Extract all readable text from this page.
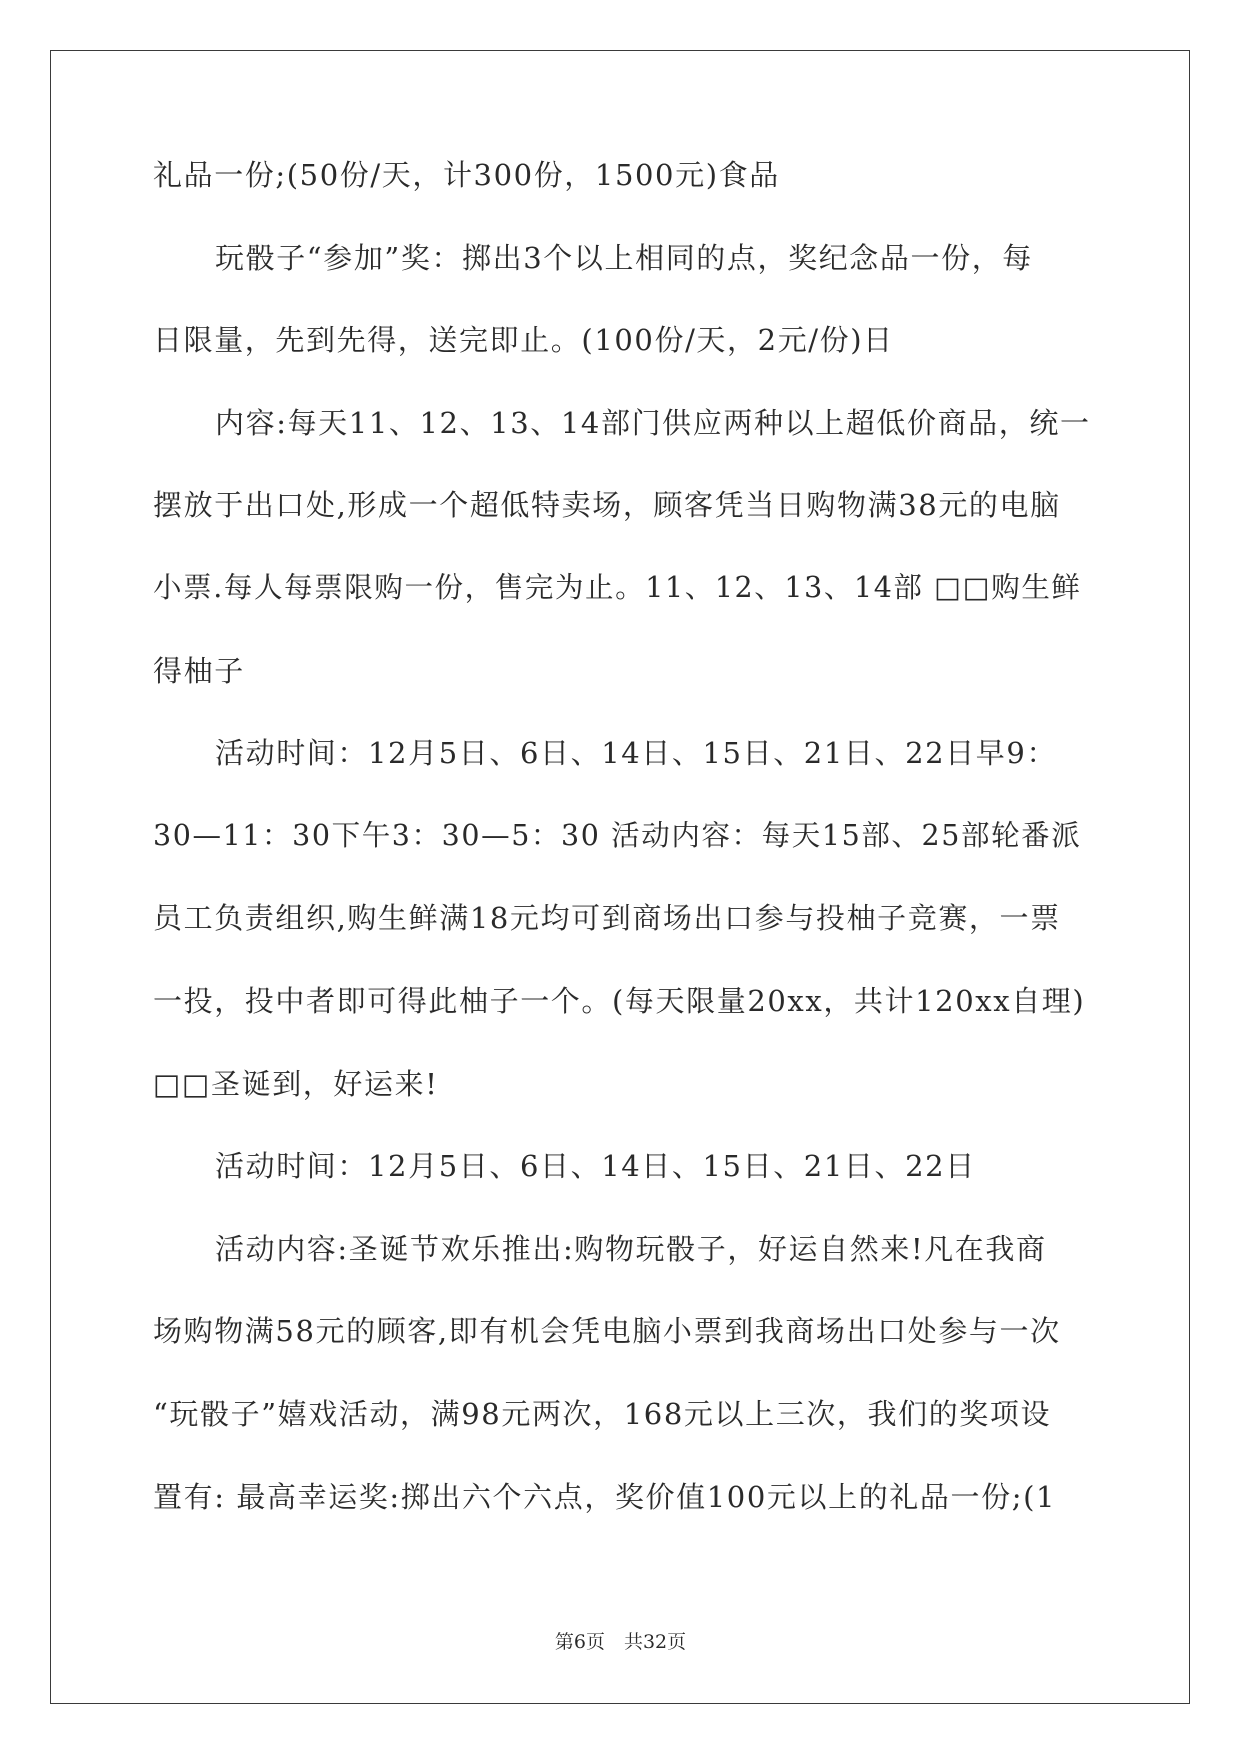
礼品一份;(50份/天，计300份，1500元)食品
玩骰子“参加”奖：掷出3个以上相同的点，奖纪念品一份，每
日限量，先到先得，送完即止。(100份/天，2元/份)日
内容:每天11、12、13、14部门供应两种以上超低价商品，统一
摆放于出口处,形成一个超低特卖场，顾客凭当日购物满38元的电脑
小票.每人每票限购一份，售完为止。11、12、13、14部 □□购生鲜
得柚子
活动时间：12月5日、6日、14日、15日、21日、22日早9：
30—11：30下午3：30—5：30 活动内容：每天15部、25部轮番派
员工负责组织,购生鲜满18元均可到商场出口参与投柚子竞赛，一票
一投，投中者即可得此柚子一个。(每天限量20xx，共计120xx自理)
□□圣诞到，好运来!
活动时间：12月5日、6日、14日、15日、21日、22日
活动内容:圣诞节欢乐推出:购物玩骰子，好运自然来!凡在我商
场购物满58元的顾客,即有机会凭电脑小票到我商场出口处参与一次
“玩骰子”嬉戏活动，满98元两次，168元以上三次，我们的奖项设
置有: 最高幸运奖:掷出六个六点，奖价值100元以上的礼品一份;(1
第6页　共32页
